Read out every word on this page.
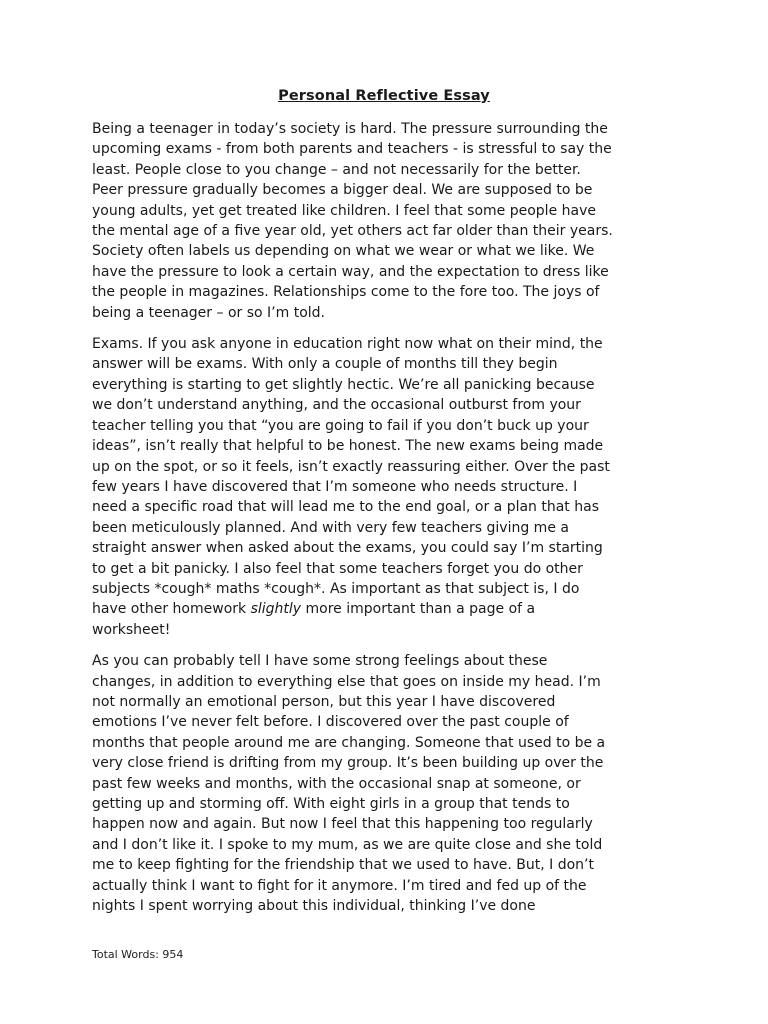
Personal Reflective Essay

Being a teenager in today’s society is hard. The pressure surrounding the
upcoming exams - from both parents and teachers - is stressful to say the
least. People close to you change – and not necessarily for the better.
Peer pressure gradually becomes a bigger deal. We are supposed to be
young adults, yet get treated like children. I feel that some people have
the mental age of a five year old, yet others act far older than their years.
Society often labels us depending on what we wear or what we like. We
have the pressure to look a certain way, and the expectation to dress like
the people in magazines. Relationships come to the fore too. The joys of
being a teenager – or so I’m told.

Exams. If you ask anyone in education right now what on their mind, the
answer will be exams. With only a couple of months till they begin
everything is starting to get slightly hectic. We’re all panicking because
we don’t understand anything, and the occasional outburst from your
teacher telling you that “you are going to fail if you don’t buck up your
ideas”, isn’t really that helpful to be honest. The new exams being made
up on the spot, or so it feels, isn’t exactly reassuring either. Over the past
few years I have discovered that I’m someone who needs structure. I
need a specific road that will lead me to the end goal, or a plan that has
been meticulously planned. And with very few teachers giving me a
straight answer when asked about the exams, you could say I’m starting
to get a bit panicky. I also feel that some teachers forget you do other
subjects *cough* maths *cough*. As important as that subject is, I do
have other homework slightly more important than a page of a
worksheet!

As you can probably tell I have some strong feelings about these
changes, in addition to everything else that goes on inside my head. I’m
not normally an emotional person, but this year I have discovered
emotions I’ve never felt before. I discovered over the past couple of
months that people around me are changing. Someone that used to be a
very close friend is drifting from my group. It’s been building up over the
past few weeks and months, with the occasional snap at someone, or
getting up and storming off. With eight girls in a group that tends to
happen now and again. But now I feel that this happening too regularly
and I don’t like it. I spoke to my mum, as we are quite close and she told
me to keep fighting for the friendship that we used to have. But, I don’t
actually think I want to fight for it anymore. I’m tired and fed up of the
nights I spent worrying about this individual, thinking I’ve done

Total Words: 954
